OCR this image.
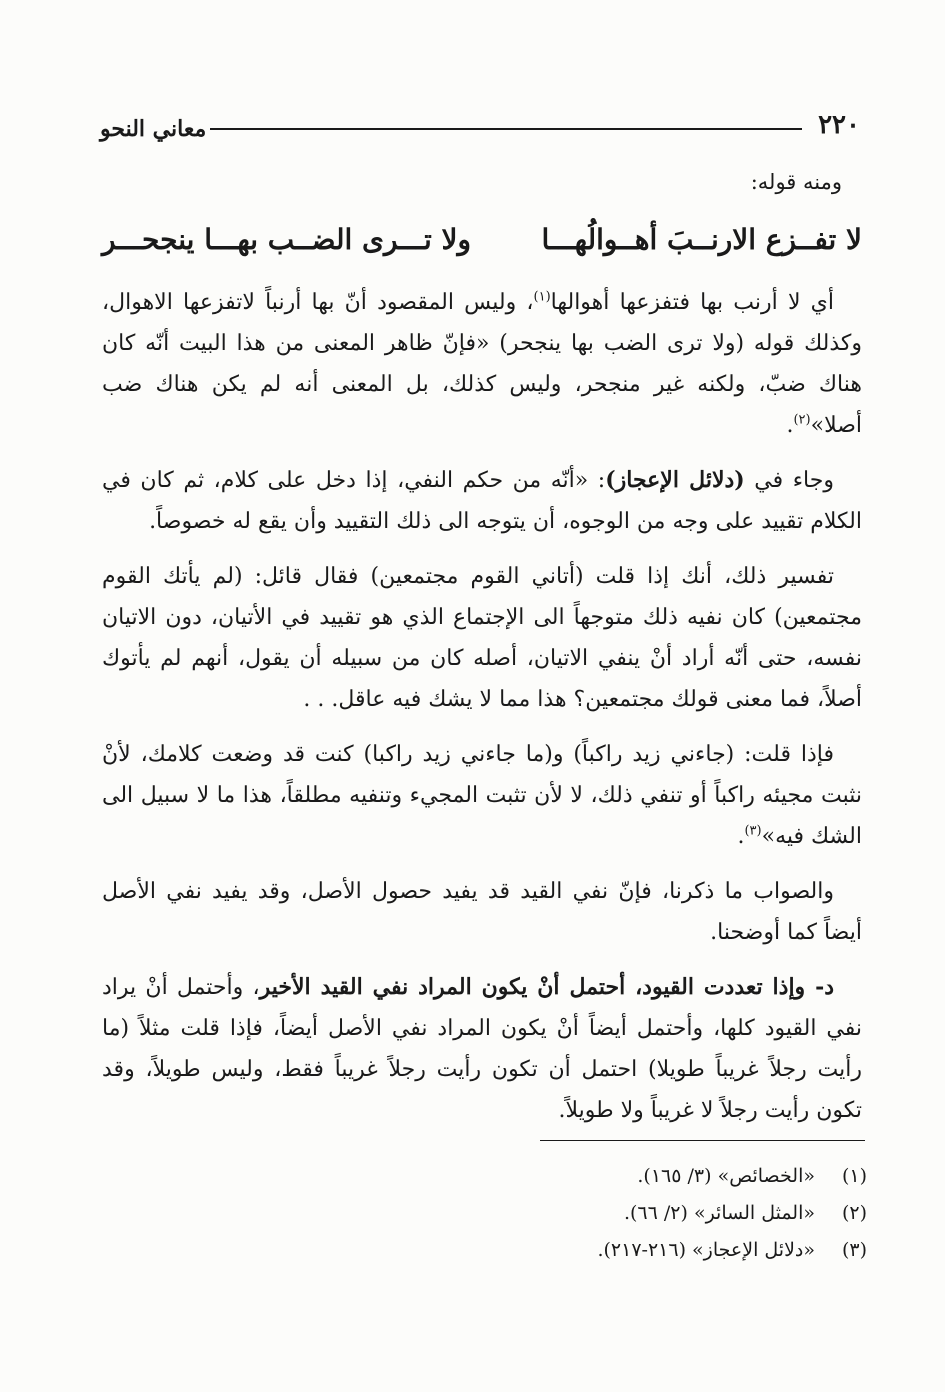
٢٢٠
معاني النحو
ومنه قوله:
لا تفــزع الارنــبَ أهــوالُهـــا
ولا تـــرى الضــب بهـــا ينجحـــر
أي لا أرنب بها فتفزعها أهوالها$^{(١)}$، وليس المقصود أنّ بها أرنباً لاتفزعها الاهوال، وكذلك قوله (ولا ترى الضب بها ينجحر) «فإنّ ظاهر المعنى من هذا البيت أنّه كان هناك ضبّ، ولكنه غير منجحر، وليس كذلك، بل المعنى أنه لم يكن هناك ضب أصلا»$^{(٢)}$.
وجاء في (دلائل الإعجاز): «أنّه من حكم النفي، إذا دخل على كلام، ثم كان في الكلام تقييد على وجه من الوجوه، أن يتوجه الى ذلك التقييد وأن يقع له خصوصاً.
تفسير ذلك، أنك إذا قلت (أتاني القوم مجتمعين) فقال قائل: (لم يأتك القوم مجتمعين) كان نفيه ذلك متوجهاً الى الإجتماع الذي هو تقييد في الأتيان، دون الاتيان نفسه، حتى أنّه أراد أنْ ينفي الاتيان، أصله كان من سبيله أن يقول، أنهم لم يأتوك أصلاً، فما معنى قولك مجتمعين؟ هذا مما لا يشك فيه عاقل. . .
فإذا قلت: (جاءني زيد راكباً) و(ما جاءني زيد راكبا) كنت قد وضعت كلامك، لأنْ نثبت مجيئه راكباً أو تنفي ذلك، لا لأن تثبت المجيء وتنفيه مطلقاً، هذا ما لا سبيل الى الشك فيه»$^{(٣)}$.
والصواب ما ذكرنا، فإنّ نفي القيد قد يفيد حصول الأصل، وقد يفيد نفي الأصل أيضاً كما أوضحنا.
د- وإذا تعددت القيود، أحتمل أنْ يكون المراد نفي القيد الأخير، وأحتمل أنْ يراد نفي القيود كلها، وأحتمل أيضاً أنْ يكون المراد نفي الأصل أيضاً، فإذا قلت مثلاً (ما رأيت رجلاً غريباً طويلا) احتمل أن تكون رأيت رجلاً غريباً فقط، وليس طويلاً، وقد تكون رأيت رجلاً لا غريباً ولا طويلاً.
(١)«الخصائص» (٣/ ١٦٥).
(٢)«المثل السائر» (٢/ ٦٦).
(٣)«دلائل الإعجاز» (٢١٦-٢١٧).
